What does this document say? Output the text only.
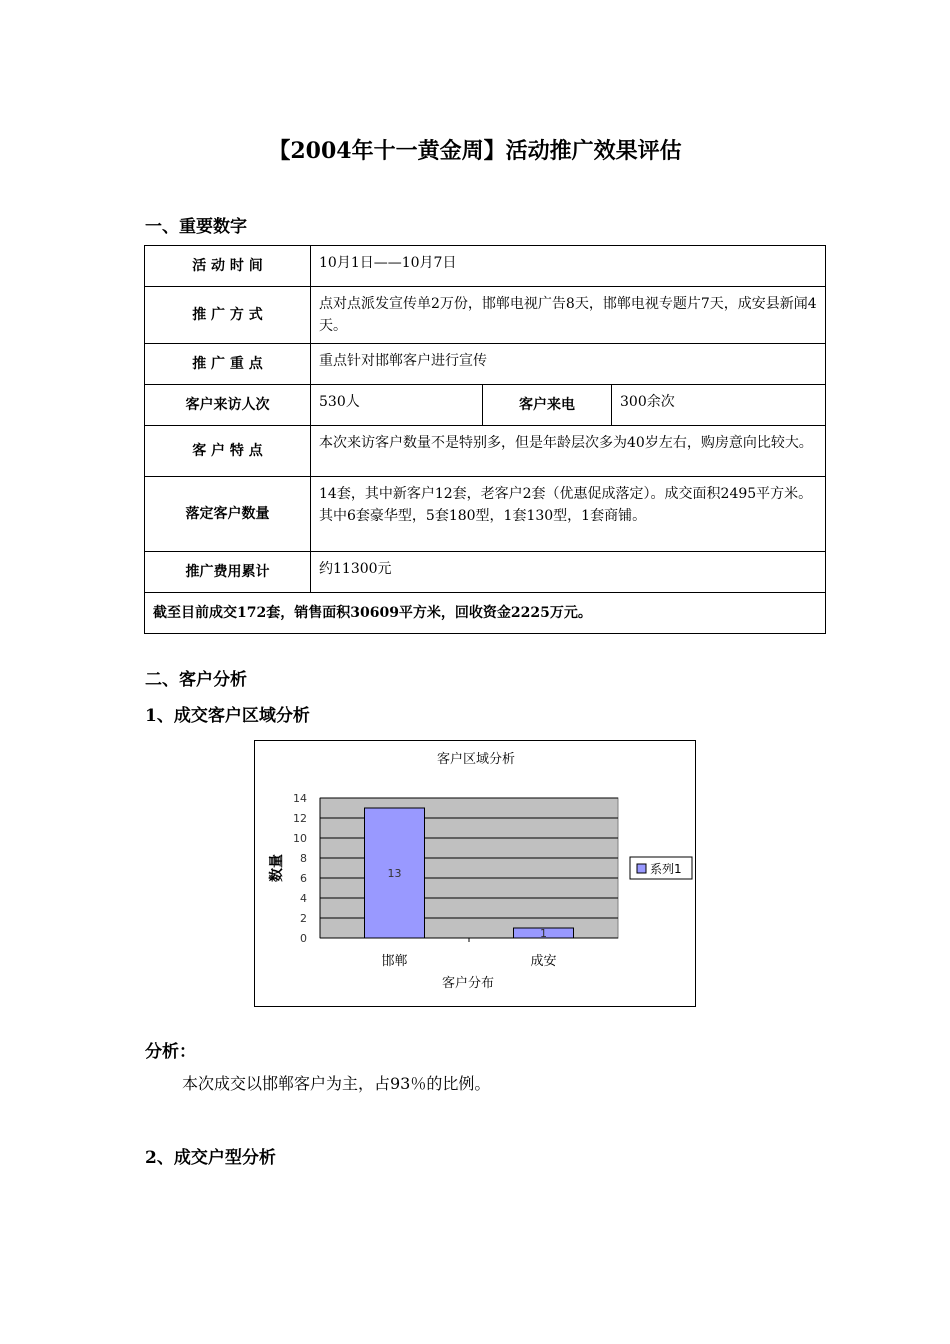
【2004年十一黄金周】活动推广效果评估
一、重要数字
活 动 时 间	10月1日——10月7日		
推 广 方 式	点对点派发宣传单2万份，邯郸电视广告8天，邯郸电视专题片7天，成安县新闻4天。		
推 广 重 点	重点针对邯郸客户进行宣传		
客户来访人次	530人	客户来电	300余次
客 户 特 点	本次来访客户数量不是特别多，但是年龄层次多为40岁左右，购房意向比较大。		
落定客户数量	14套，其中新客户12套，老客户2套（优惠促成落定）。成交面积2495平方米。其中6套豪华型，5套180型，1套130型，1套商铺。		
推广费用累计	约11300元		
截至目前成交172套，销售面积30609平方米，回收资金2225万元。			
二、客户分析
1、成交客户区域分析
客户区域分析
0
2
4
6
8
10
12
14
13
1
邯郸	成安
数量
客户分布
系列1

分析：

本次成交以邯郸客户为主，占93％的比例。

2、成交户型分析
